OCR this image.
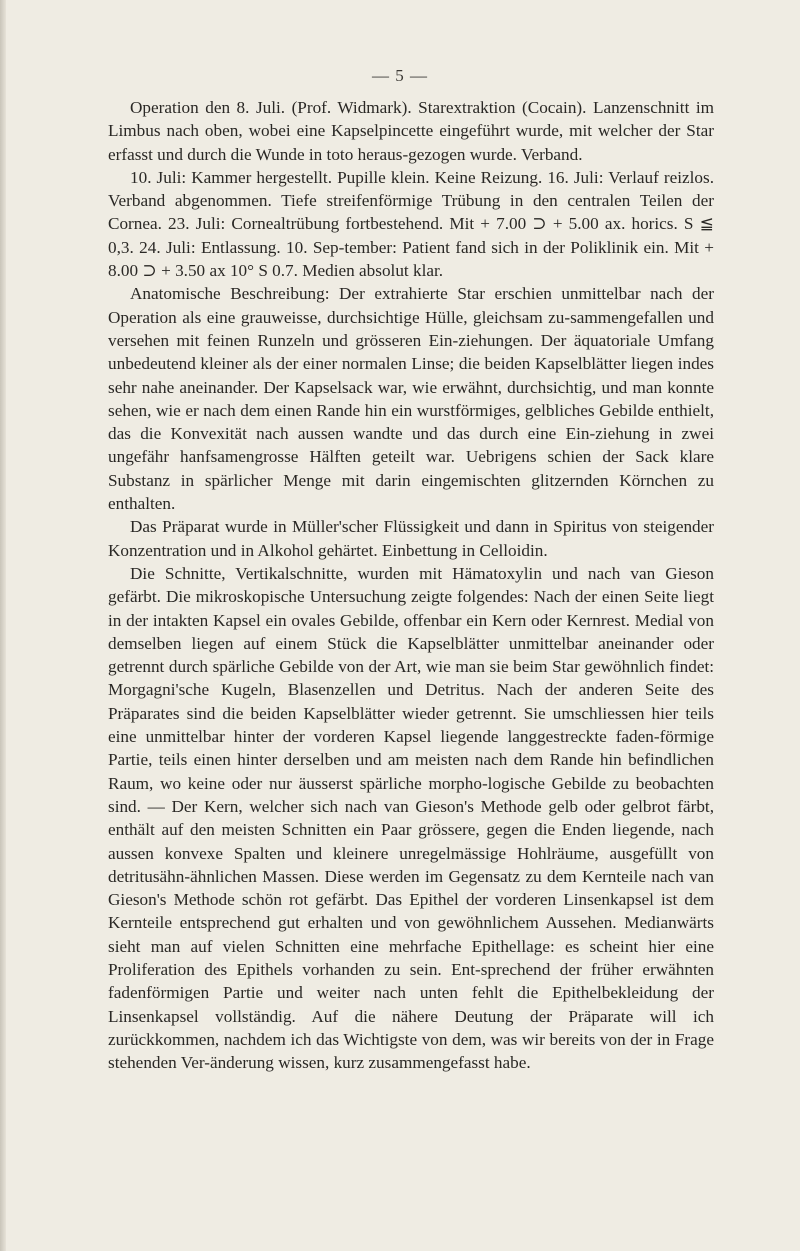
— 5 —

Operation den 8. Juli. (Prof. Widmark). Starextraktion (Cocain). Lanzenschnitt im Limbus nach oben, wobei eine Kapselpincette eingeführt wurde, mit welcher der Star erfasst und durch die Wunde in toto heraus-gezogen wurde. Verband.

10. Juli: Kammer hergestellt. Pupille klein. Keine Reizung. 16. Juli: Verlauf reizlos. Verband abgenommen. Tiefe streifenförmige Trübung in den centralen Teilen der Cornea. 23. Juli: Cornealtrübung fortbestehend. Mit + 7.00 ⊃ + 5.00 ax. horics. S ≦ 0,3. 24. Juli: Entlassung. 10. Sep-tember: Patient fand sich in der Poliklinik ein. Mit + 8.00 ⊃ + 3.50 ax 10° S 0.7. Medien absolut klar.

Anatomische Beschreibung: Der extrahierte Star erschien unmittelbar nach der Operation als eine grauweisse, durchsichtige Hülle, gleichsam zu-sammengefallen und versehen mit feinen Runzeln und grösseren Ein-ziehungen. Der äquatoriale Umfang unbedeutend kleiner als der einer normalen Linse; die beiden Kapselblätter liegen indes sehr nahe aneinander. Der Kapselsack war, wie erwähnt, durchsichtig, und man konnte sehen, wie er nach dem einen Rande hin ein wurstförmiges, gelbliches Gebilde enthielt, das die Konvexität nach aussen wandte und das durch eine Ein-ziehung in zwei ungefähr hanfsamengrosse Hälften geteilt war. Uebrigens schien der Sack klare Substanz in spärlicher Menge mit darin eingemischten glitzernden Körnchen zu enthalten.

Das Präparat wurde in Müller'scher Flüssigkeit und dann in Spiritus von steigender Konzentration und in Alkohol gehärtet. Einbettung in Celloidin.

Die Schnitte, Vertikalschnitte, wurden mit Hämatoxylin und nach van Gieson gefärbt. Die mikroskopische Untersuchung zeigte folgendes: Nach der einen Seite liegt in der intakten Kapsel ein ovales Gebilde, offenbar ein Kern oder Kernrest. Medial von demselben liegen auf einem Stück die Kapselblätter unmittelbar aneinander oder getrennt durch spärliche Gebilde von der Art, wie man sie beim Star gewöhnlich findet: Morgagni'sche Kugeln, Blasenzellen und Detritus. Nach der anderen Seite des Präparates sind die beiden Kapselblätter wieder getrennt. Sie umschliessen hier teils eine unmittelbar hinter der vorderen Kapsel liegende langgestreckte faden-förmige Partie, teils einen hinter derselben und am meisten nach dem Rande hin befindlichen Raum, wo keine oder nur äusserst spärliche morpho-logische Gebilde zu beobachten sind. — Der Kern, welcher sich nach van Gieson's Methode gelb oder gelbrot färbt, enthält auf den meisten Schnitten ein Paar grössere, gegen die Enden liegende, nach aussen konvexe Spalten und kleinere unregelmässige Hohlräume, ausgefüllt von detritusähn-ähnlichen Massen. Diese werden im Gegensatz zu dem Kernteile nach van Gieson's Methode schön rot gefärbt. Das Epithel der vorderen Linsenkapsel ist dem Kernteile entsprechend gut erhalten und von gewöhnlichem Aussehen. Medianwärts sieht man auf vielen Schnitten eine mehrfache Epithellage: es scheint hier eine Proliferation des Epithels vorhanden zu sein. Ent-sprechend der früher erwähnten fadenförmigen Partie und weiter nach unten fehlt die Epithelbekleidung der Linsenkapsel vollständig. Auf die nähere Deutung der Präparate will ich zurückkommen, nachdem ich das Wichtigste von dem, was wir bereits von der in Frage stehenden Ver-änderung wissen, kurz zusammengefasst habe.
